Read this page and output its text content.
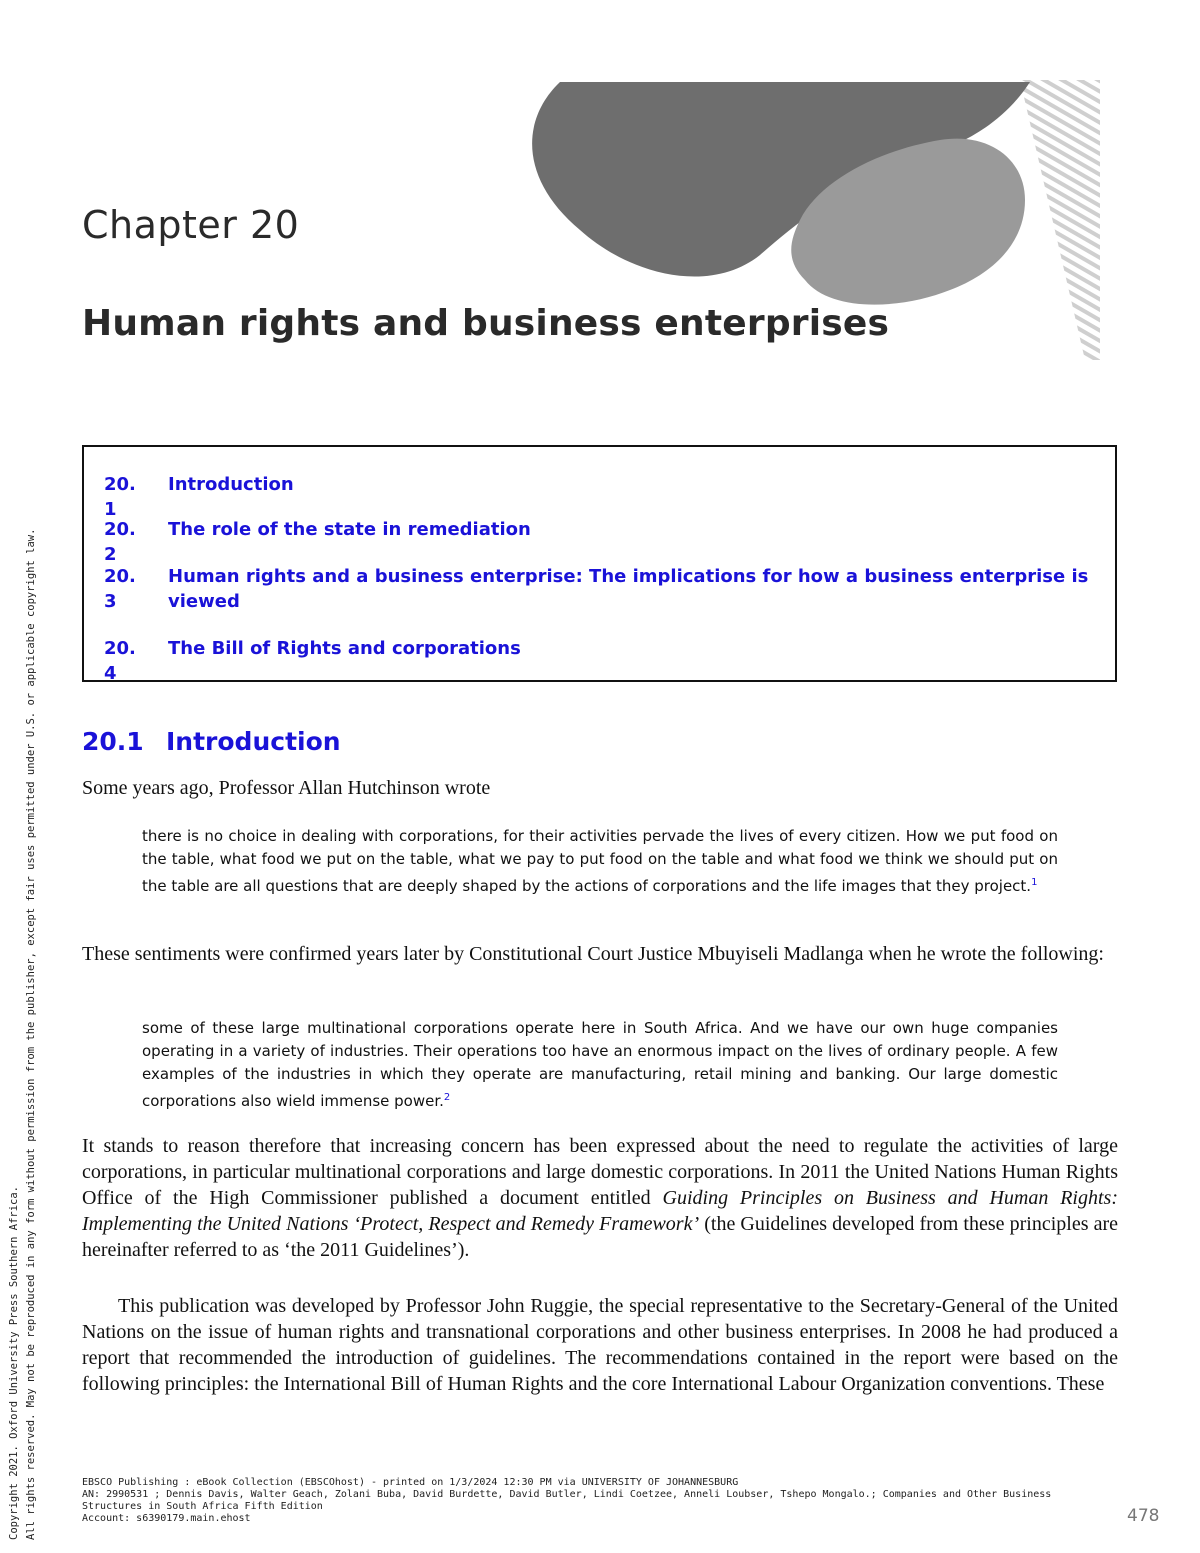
Copyright 2021. Oxford University Press Southern Africa. All rights reserved. May not be reproduced in any form without permission from the publisher, except fair uses permitted under U.S. or applicable copyright law.
Chapter 20
Human rights and business enterprises
20.1
Introduction
20.2
The role of the state in remediation
20.3
Human rights and a business enterprise: The implications for how a business enterprise is viewed
20.4
The Bill of Rights and corporations
20.1 Introduction

Some years ago, Professor Allan Hutchinson wrote

there is no choice in dealing with corporations, for their activities pervade the lives of every citizen. How we put food on the table, what food we put on the table, what we pay to put food on the table and what food we think we should put on the table are all questions that are deeply shaped by the actions of corporations and the life images that they project.$^1$

These sentiments were confirmed years later by Constitutional Court Justice Mbuyiseli Madlanga when he wrote the following:

some of these large multinational corporations operate here in South Africa. And we have our own huge companies operating in a variety of industries. Their operations too have an enormous impact on the lives of ordinary people. A few examples of the industries in which they operate are manufacturing, retail mining and banking. Our large domestic corporations also wield immense power.$^2$

It stands to reason therefore that increasing concern has been expressed about the need to regulate the activities of large corporations, in particular multinational corporations and large domestic corporations. In 2011 the United Nations Human Rights Office of the High Commissioner published a document entitled Guiding Principles on Business and Human Rights: Implementing the United Nations ‘Protect, Respect and Remedy Framework’ (the Guidelines developed from these principles are hereinafter referred to as ‘the 2011 Guidelines’).

This publication was developed by Professor John Ruggie, the special representative to the Secretary-General of the United Nations on the issue of human rights and transnational corporations and other business enterprises. In 2008 he had produced a report that recommended the introduction of guidelines. The recommendations contained in the report were based on the following principles: the International Bill of Human Rights and the core International Labour Organization conventions. These

EBSCO Publishing : eBook Collection (EBSCOhost) - printed on 1/3/2024 12:30 PM via UNIVERSITY OF JOHANNESBURG
AN: 2990531 ; Dennis Davis, Walter Geach, Zolani Buba, David Burdette, David Butler, Lindi Coetzee, Anneli Loubser, Tshepo Mongalo.; Companies and Other Business
Structures in South Africa Fifth Edition
Account: s6390179.main.ehost	478
